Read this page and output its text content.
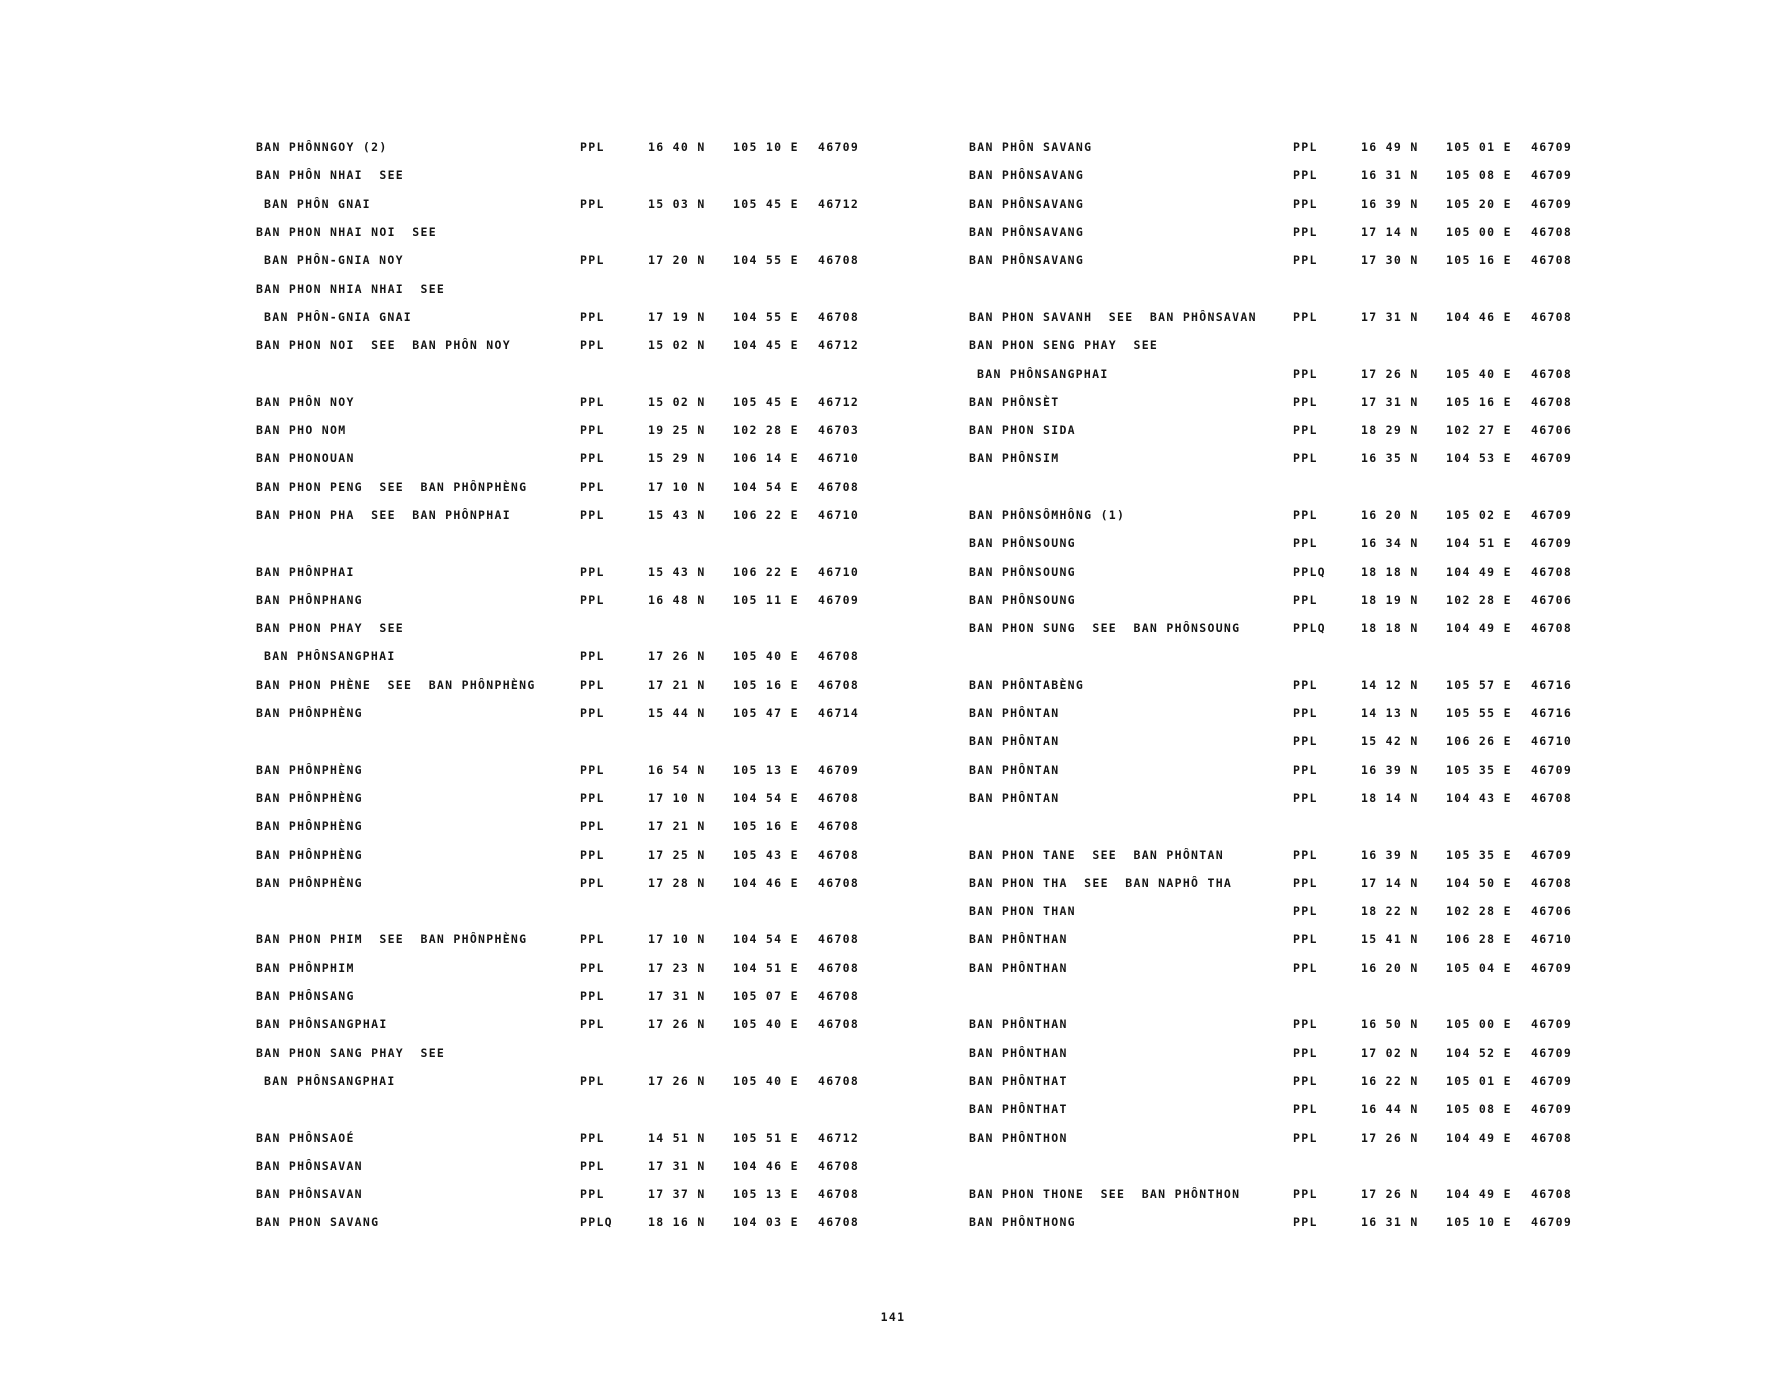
BAN PHÔNNGOY (2)	PPL	16 40 N	105 10 E	46709
BAN PHÔN NHAI  SEE
BAN PHÔN GNAI	PPL	15 03 N	105 45 E	46712
BAN PHON NHAI NOI  SEE
BAN PHÔN-GNIA NOY	PPL	17 20 N	104 55 E	46708
BAN PHON NHIA NHAI  SEE
BAN PHÔN-GNIA GNAI	PPL	17 19 N	104 55 E	46708
BAN PHON NOI  SEE  BAN PHÔN NOY	PPL	15 02 N	104 45 E	46712
BAN PHÔN NOY	PPL	15 02 N	105 45 E	46712
BAN PHO NOM	PPL	19 25 N	102 28 E	46703
BAN PHONOUAN	PPL	15 29 N	106 14 E	46710
BAN PHON PENG  SEE  BAN PHÔNPHÈNG	PPL	17 10 N	104 54 E	46708
BAN PHON PHA  SEE  BAN PHÔNPHAI	PPL	15 43 N	106 22 E	46710
BAN PHÔNPHAI	PPL	15 43 N	106 22 E	46710
BAN PHÔNPHANG	PPL	16 48 N	105 11 E	46709
BAN PHON PHAY  SEE
BAN PHÔNSANGPHAI	PPL	17 26 N	105 40 E	46708
BAN PHON PHÈNE  SEE  BAN PHÔNPHÈNG	PPL	17 21 N	105 16 E	46708
BAN PHÔNPHÈNG	PPL	15 44 N	105 47 E	46714
BAN PHÔNPHÈNG	PPL	16 54 N	105 13 E	46709
BAN PHÔNPHÈNG	PPL	17 10 N	104 54 E	46708
BAN PHÔNPHÈNG	PPL	17 21 N	105 16 E	46708
BAN PHÔNPHÈNG	PPL	17 25 N	105 43 E	46708
BAN PHÔNPHÈNG	PPL	17 28 N	104 46 E	46708
BAN PHON PHIM  SEE  BAN PHÔNPHÈNG	PPL	17 10 N	104 54 E	46708
BAN PHÔNPHIM	PPL	17 23 N	104 51 E	46708
BAN PHÔNSANG	PPL	17 31 N	105 07 E	46708
BAN PHÔNSANGPHAI	PPL	17 26 N	105 40 E	46708
BAN PHON SANG PHAY  SEE
BAN PHÔNSANGPHAI	PPL	17 26 N	105 40 E	46708
BAN PHÔNSAOÉ	PPL	14 51 N	105 51 E	46712
BAN PHÔNSAVAN	PPL	17 31 N	104 46 E	46708
BAN PHÔNSAVAN	PPL	17 37 N	105 13 E	46708
BAN PHON SAVANG	PPLQ	18 16 N	104 03 E	46708
BAN PHÔN SAVANG	PPL	16 49 N	105 01 E	46709
BAN PHÔNSAVANG	PPL	16 31 N	105 08 E	46709
BAN PHÔNSAVANG	PPL	16 39 N	105 20 E	46709
BAN PHÔNSAVANG	PPL	17 14 N	105 00 E	46708
BAN PHÔNSAVANG	PPL	17 30 N	105 16 E	46708
BAN PHON SAVANH  SEE  BAN PHÔNSAVAN	PPL	17 31 N	104 46 E	46708
BAN PHON SENG PHAY  SEE
BAN PHÔNSANGPHAI	PPL	17 26 N	105 40 E	46708
BAN PHÔNSÈT	PPL	17 31 N	105 16 E	46708
BAN PHON SIDA	PPL	18 29 N	102 27 E	46706
BAN PHÔNSIM	PPL	16 35 N	104 53 E	46709
BAN PHÔNSÔMHÔNG (1)	PPL	16 20 N	105 02 E	46709
BAN PHÔNSOUNG	PPL	16 34 N	104 51 E	46709
BAN PHÔNSOUNG	PPLQ	18 18 N	104 49 E	46708
BAN PHÔNSOUNG	PPL	18 19 N	102 28 E	46706
BAN PHON SUNG  SEE  BAN PHÔNSOUNG	PPLQ	18 18 N	104 49 E	46708
BAN PHÔNTABÈNG	PPL	14 12 N	105 57 E	46716
BAN PHÔNTAN	PPL	14 13 N	105 55 E	46716
BAN PHÔNTAN	PPL	15 42 N	106 26 E	46710
BAN PHÔNTAN	PPL	16 39 N	105 35 E	46709
BAN PHÔNTAN	PPL	18 14 N	104 43 E	46708
BAN PHON TANE  SEE  BAN PHÔNTAN	PPL	16 39 N	105 35 E	46709
BAN PHON THA  SEE  BAN NAPHÔ THA	PPL	17 14 N	104 50 E	46708
BAN PHON THAN	PPL	18 22 N	102 28 E	46706
BAN PHÔNTHAN	PPL	15 41 N	106 28 E	46710
BAN PHÔNTHAN	PPL	16 20 N	105 04 E	46709
BAN PHÔNTHAN	PPL	16 50 N	105 00 E	46709
BAN PHÔNTHAN	PPL	17 02 N	104 52 E	46709
BAN PHÔNTHAT	PPL	16 22 N	105 01 E	46709
BAN PHÔNTHAT	PPL	16 44 N	105 08 E	46709
BAN PHÔNTHON	PPL	17 26 N	104 49 E	46708
BAN PHON THONE  SEE  BAN PHÔNTHON	PPL	17 26 N	104 49 E	46708
BAN PHÔNTHONG	PPL	16 31 N	105 10 E	46709
141
